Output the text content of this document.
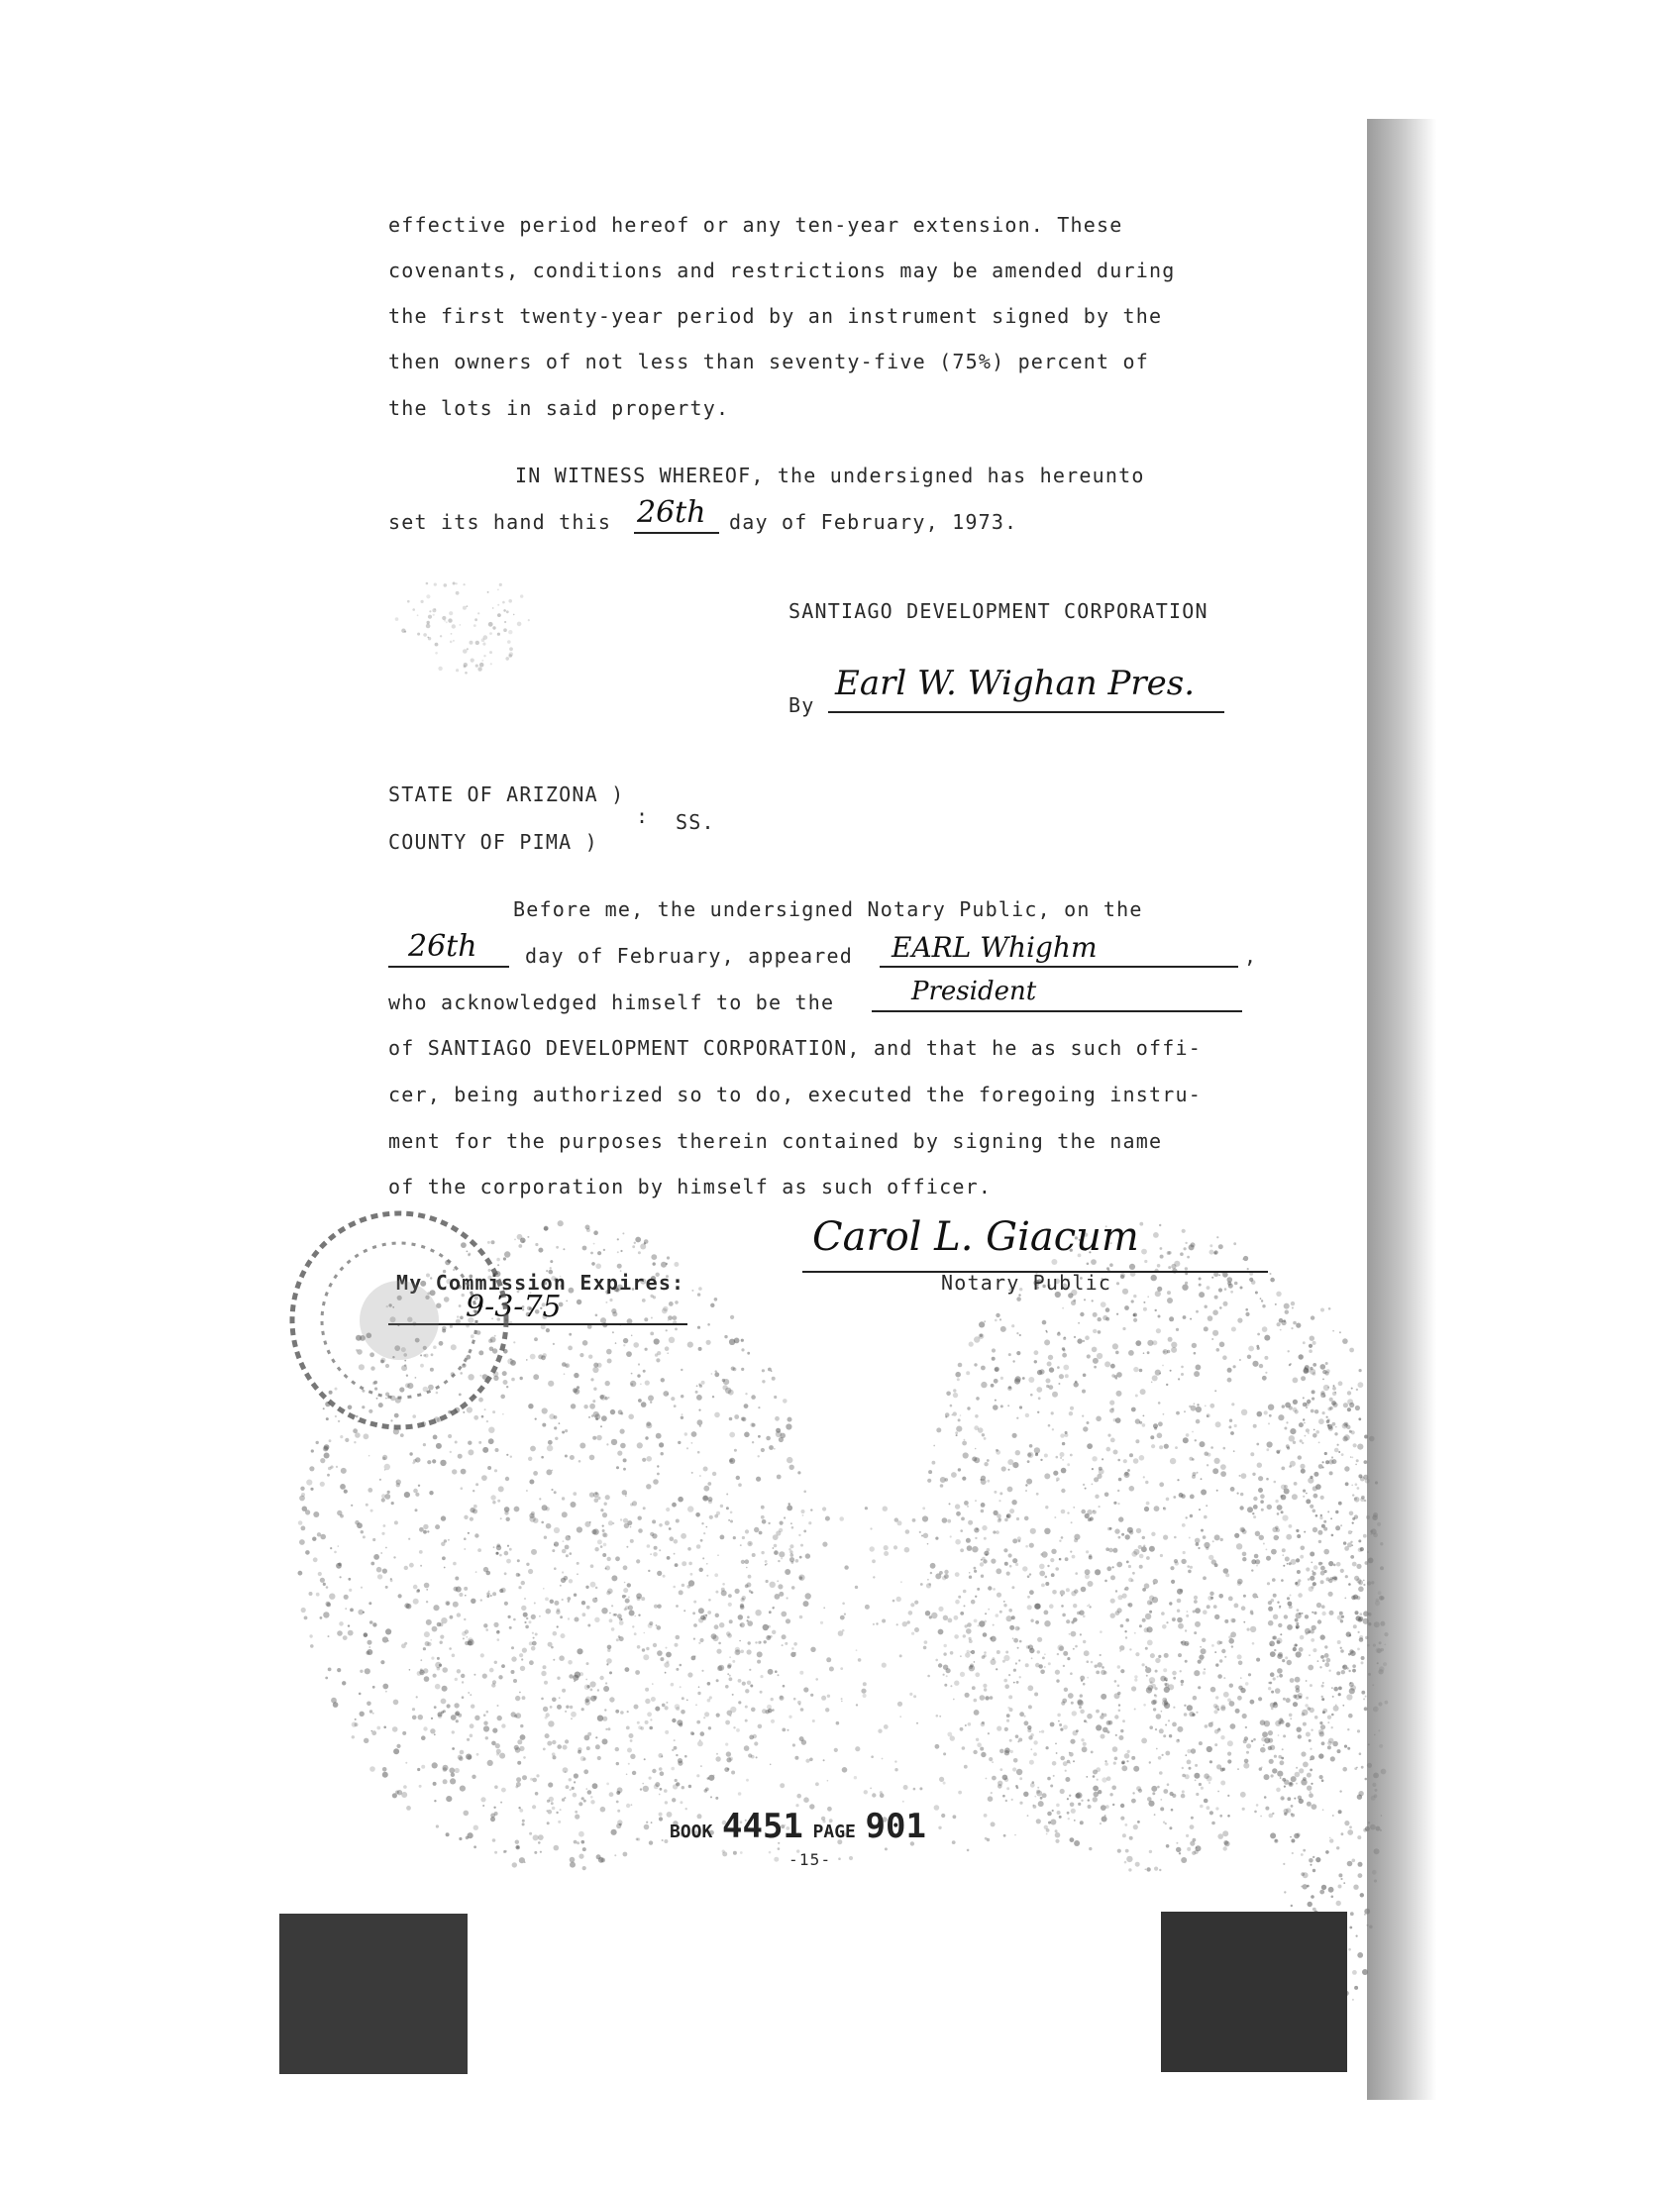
effective period hereof or any ten-year extension. These
covenants, conditions and restrictions may be amended during
the first twenty-year period by an instrument signed by the
then owners of not less than seventy-five (75%) percent of
the lots in said property.
IN WITNESS WHEREOF, the undersigned has hereunto
set its hand this 26th day of February, 1973.
SANTIAGO DEVELOPMENT CORPORATION
By
Earl W. Wighan Pres.
STATE OF ARIZONA )
: SS.
COUNTY OF PIMA )
Before me, the undersigned Notary Public, on the
26th day of February, appeared EARL Whighm	,
who acknowledged himself to be the	President
of SANTIAGO DEVELOPMENT CORPORATION, and that he as such offi-
cer, being authorized so to do, executed the foregoing instru-
ment for the purposes therein contained by signing the name
of the corporation by himself as such officer.
Carol L. Giacum
Notary Public
My Commission Expires:
9-3-75
BOOK 4451 PAGE 901
-15-
